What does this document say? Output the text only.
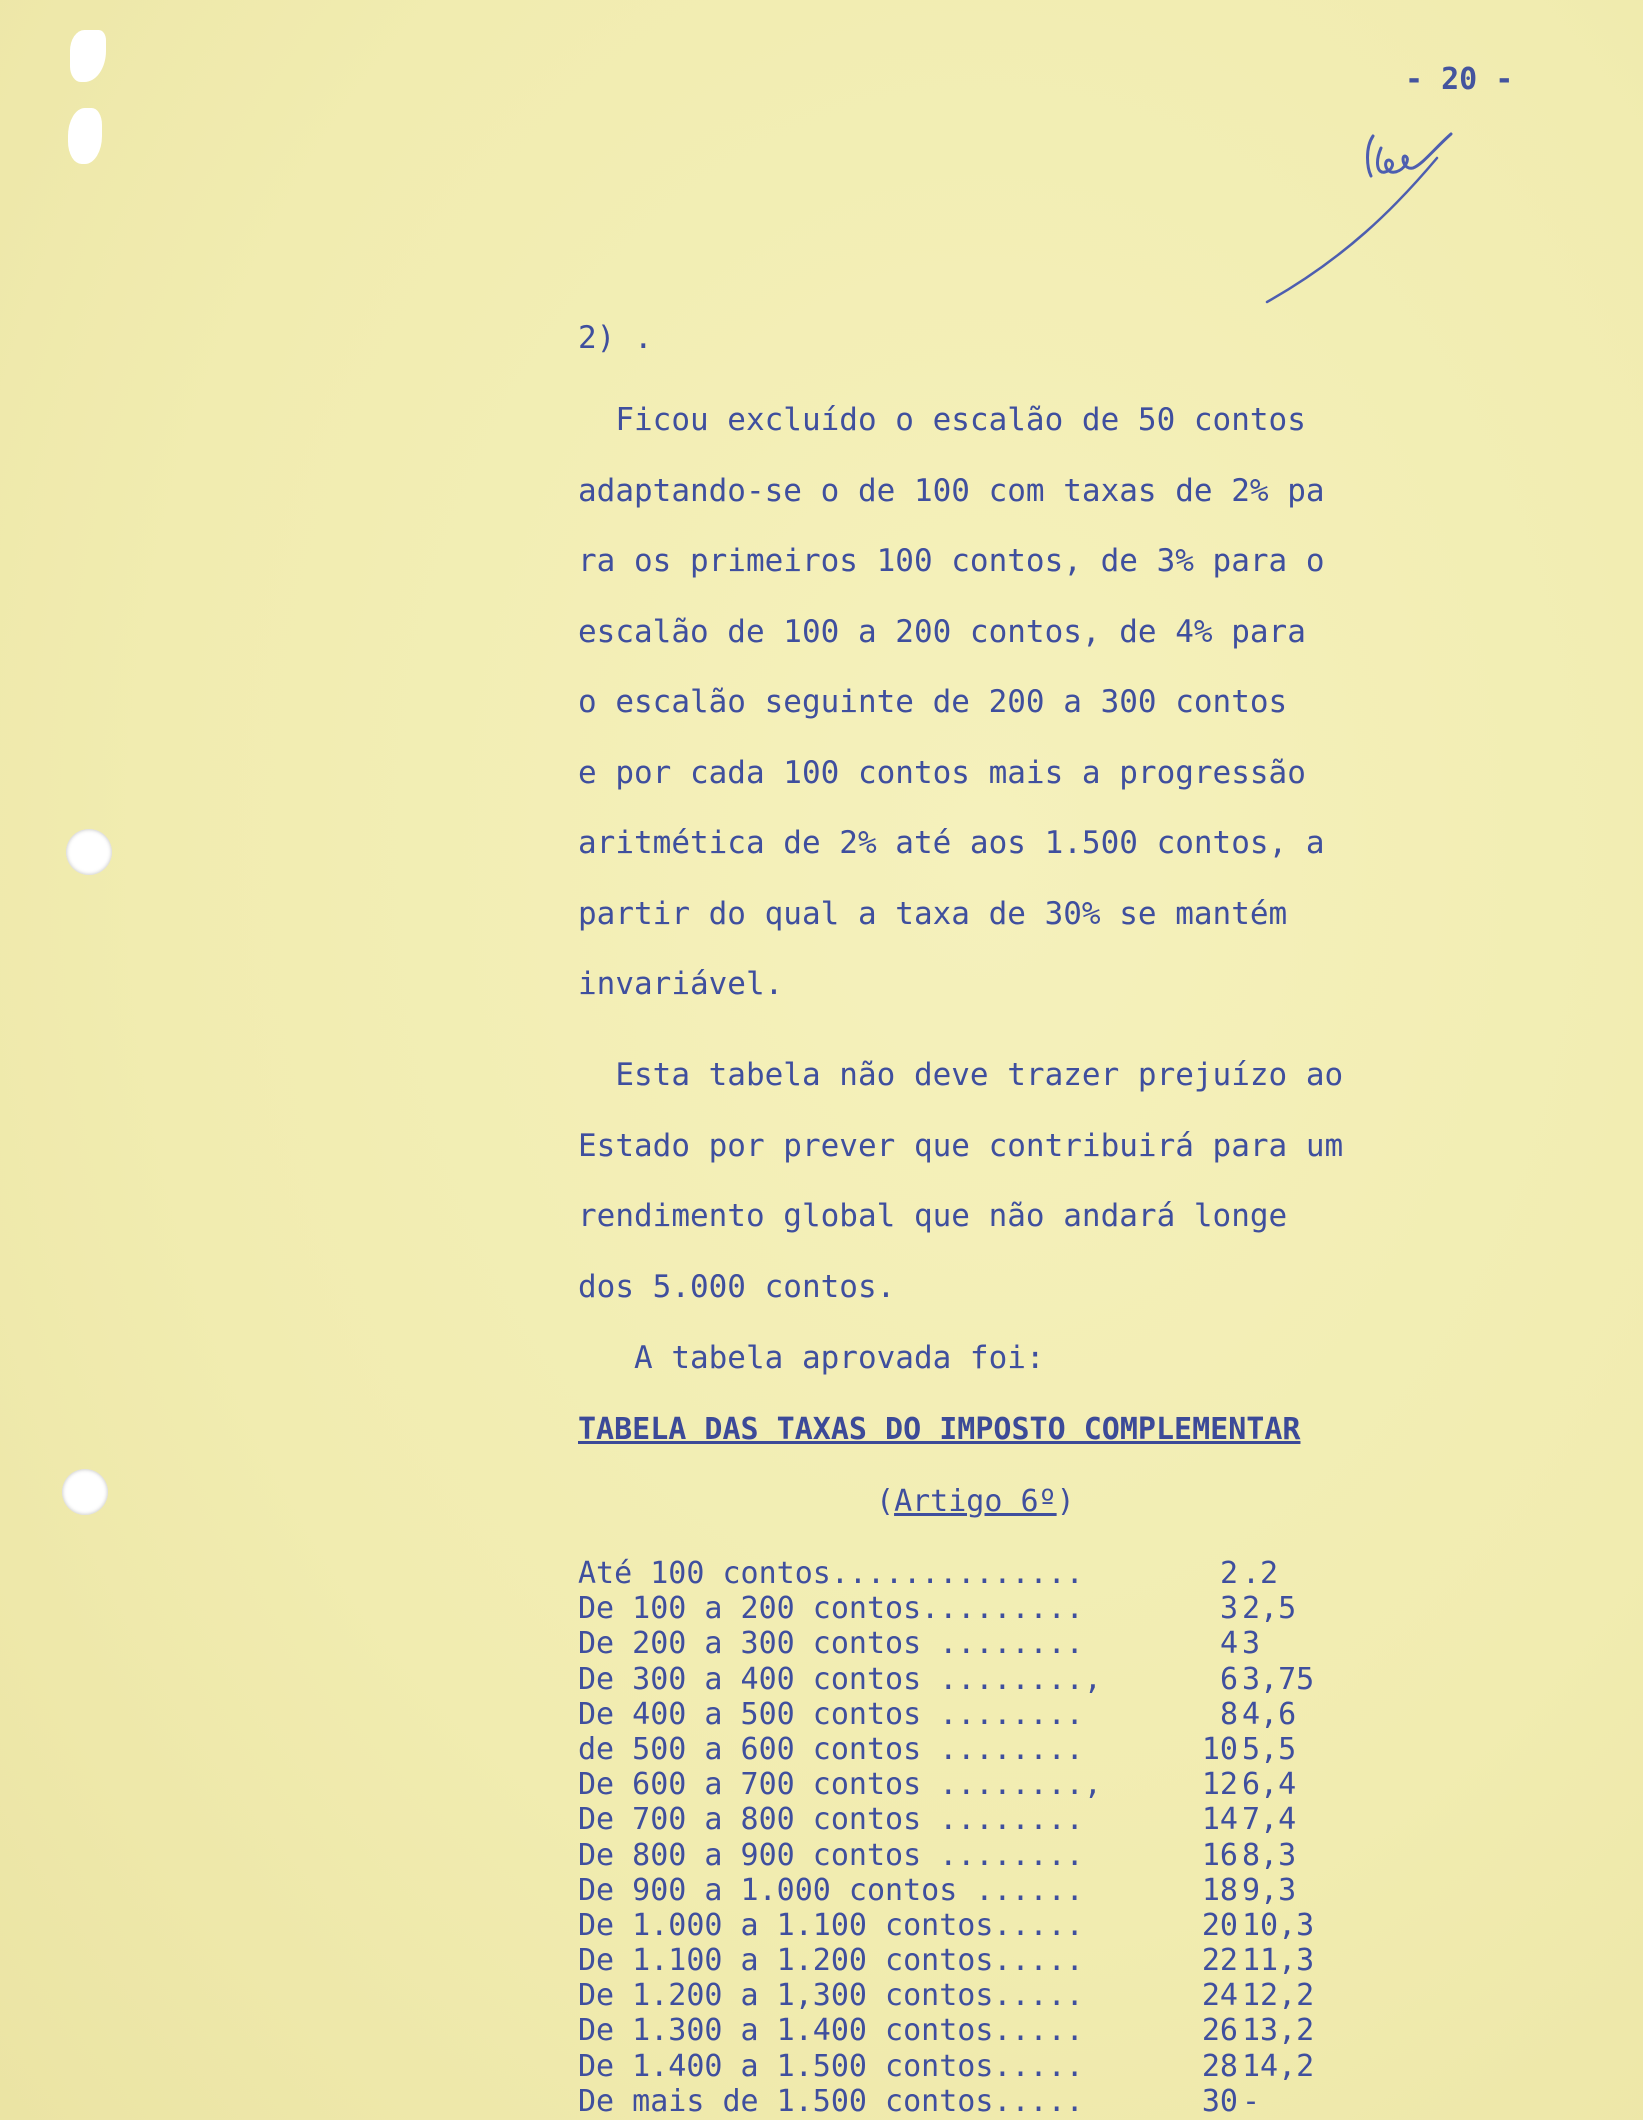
- 20 -
2) .
Ficou excluído o escalão de 50 contos
adaptando-se o de 100 com taxas de 2% pa
ra os primeiros 100 contos, de 3% para o
escalão de 100 a 200 contos, de 4% para
o escalão seguinte de 200 a 300 contos
e por cada 100 contos mais a progressão
aritmética de 2% até aos 1.500 contos, a
partir do qual a taxa de 30% se mantém
invariável.
Esta tabela não deve trazer prejuízo ao
Estado por prever que contribuirá para um
rendimento global que não andará longe
dos 5.000 contos.
A tabela aprovada foi:
TABELA DAS TAXAS DO IMPOSTO COMPLEMENTAR
(Artigo 6º)
Até 100 contos..............	2 .2
De 100 a 200 contos.........	3 2,5
De 200 a 300 contos ........	4 3
De 300 a 400 contos ........,	6 3,75
De 400 a 500 contos ........	8 4,6
de 500 a 600 contos ........	10 5,5
De 600 a 700 contos ........,	12 6,4
De 700 a 800 contos ........	14 7,4
De 800 a 900 contos ........	16 8,3
De 900 a 1.000 contos ......	18 9,3
De 1.000 a 1.100 contos.....	20 10,3
De 1.100 a 1.200 contos.....	22 11,3
De 1.200 a 1,300 contos.....	24 12,2
De 1.300 a 1.400 contos.....	26 13,2
De 1.400 a 1.500 contos.....	28 14,2
De mais de 1.500 contos.....	30 -
